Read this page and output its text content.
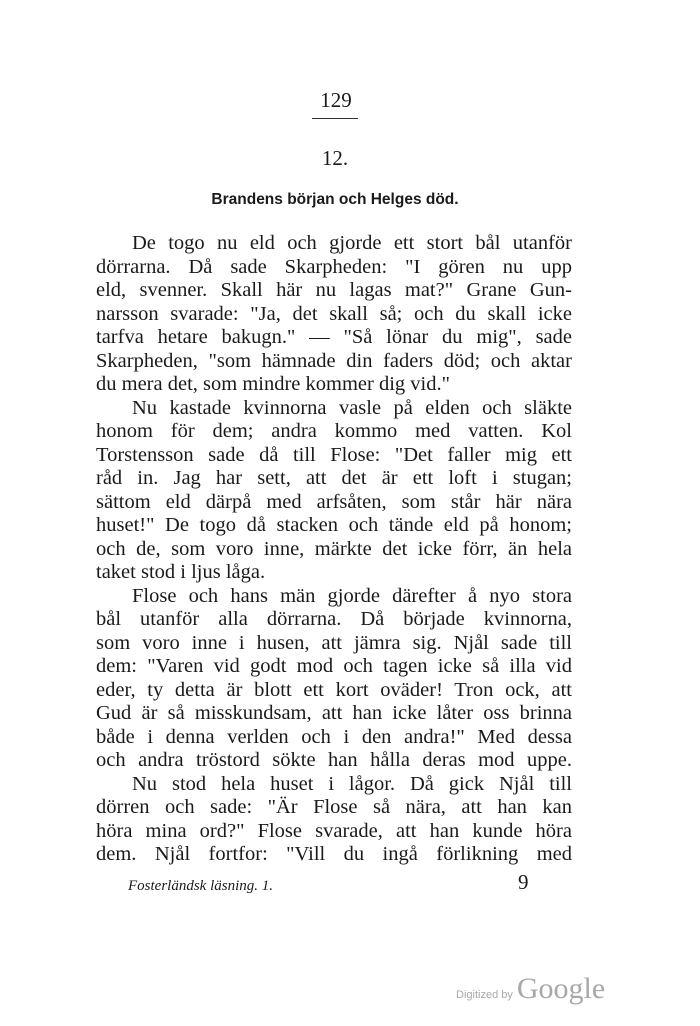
129
12.
Brandens början och Helges död.
De togo nu eld och gjorde ett stort bål utanför
dörrarna. Då sade Skarpheden: "I gören nu upp
eld, svenner. Skall här nu lagas mat?" Grane Gun-
narsson svarade: "Ja, det skall så; och du skall icke
tarfva hetare bakugn." — "Så lönar du mig", sade
Skarpheden, "som hämnade din faders död; och aktar
du mera det, som mindre kommer dig vid."
Nu kastade kvinnorna vasle på elden och släkte
honom för dem; andra kommo med vatten. Kol
Torstensson sade då till Flose: "Det faller mig ett
råd in. Jag har sett, att det är ett loft i stugan;
sättom eld därpå med arfsåten, som står här nära
huset!" De togo då stacken och tände eld på honom;
och de, som voro inne, märkte det icke förr, än hela
taket stod i ljus låga.
Flose och hans män gjorde därefter å nyo stora
bål utanför alla dörrarna. Då började kvinnorna,
som voro inne i husen, att jämra sig. Njål sade till
dem: "Varen vid godt mod och tagen icke så illa vid
eder, ty detta är blott ett kort oväder! Tron ock, att
Gud är så misskundsam, att han icke låter oss brinna
både i denna verlden och i den andra!" Med dessa
och andra tröstord sökte han hålla deras mod uppe.
Nu stod hela huset i lågor. Då gick Njål till
dörren och sade: "Är Flose så nära, att han kan
höra mina ord?" Flose svarade, att han kunde höra
dem. Njål fortfor: "Vill du ingå förlikning med
Fosterländsk läsning. 1.	9
Digitized by Google
